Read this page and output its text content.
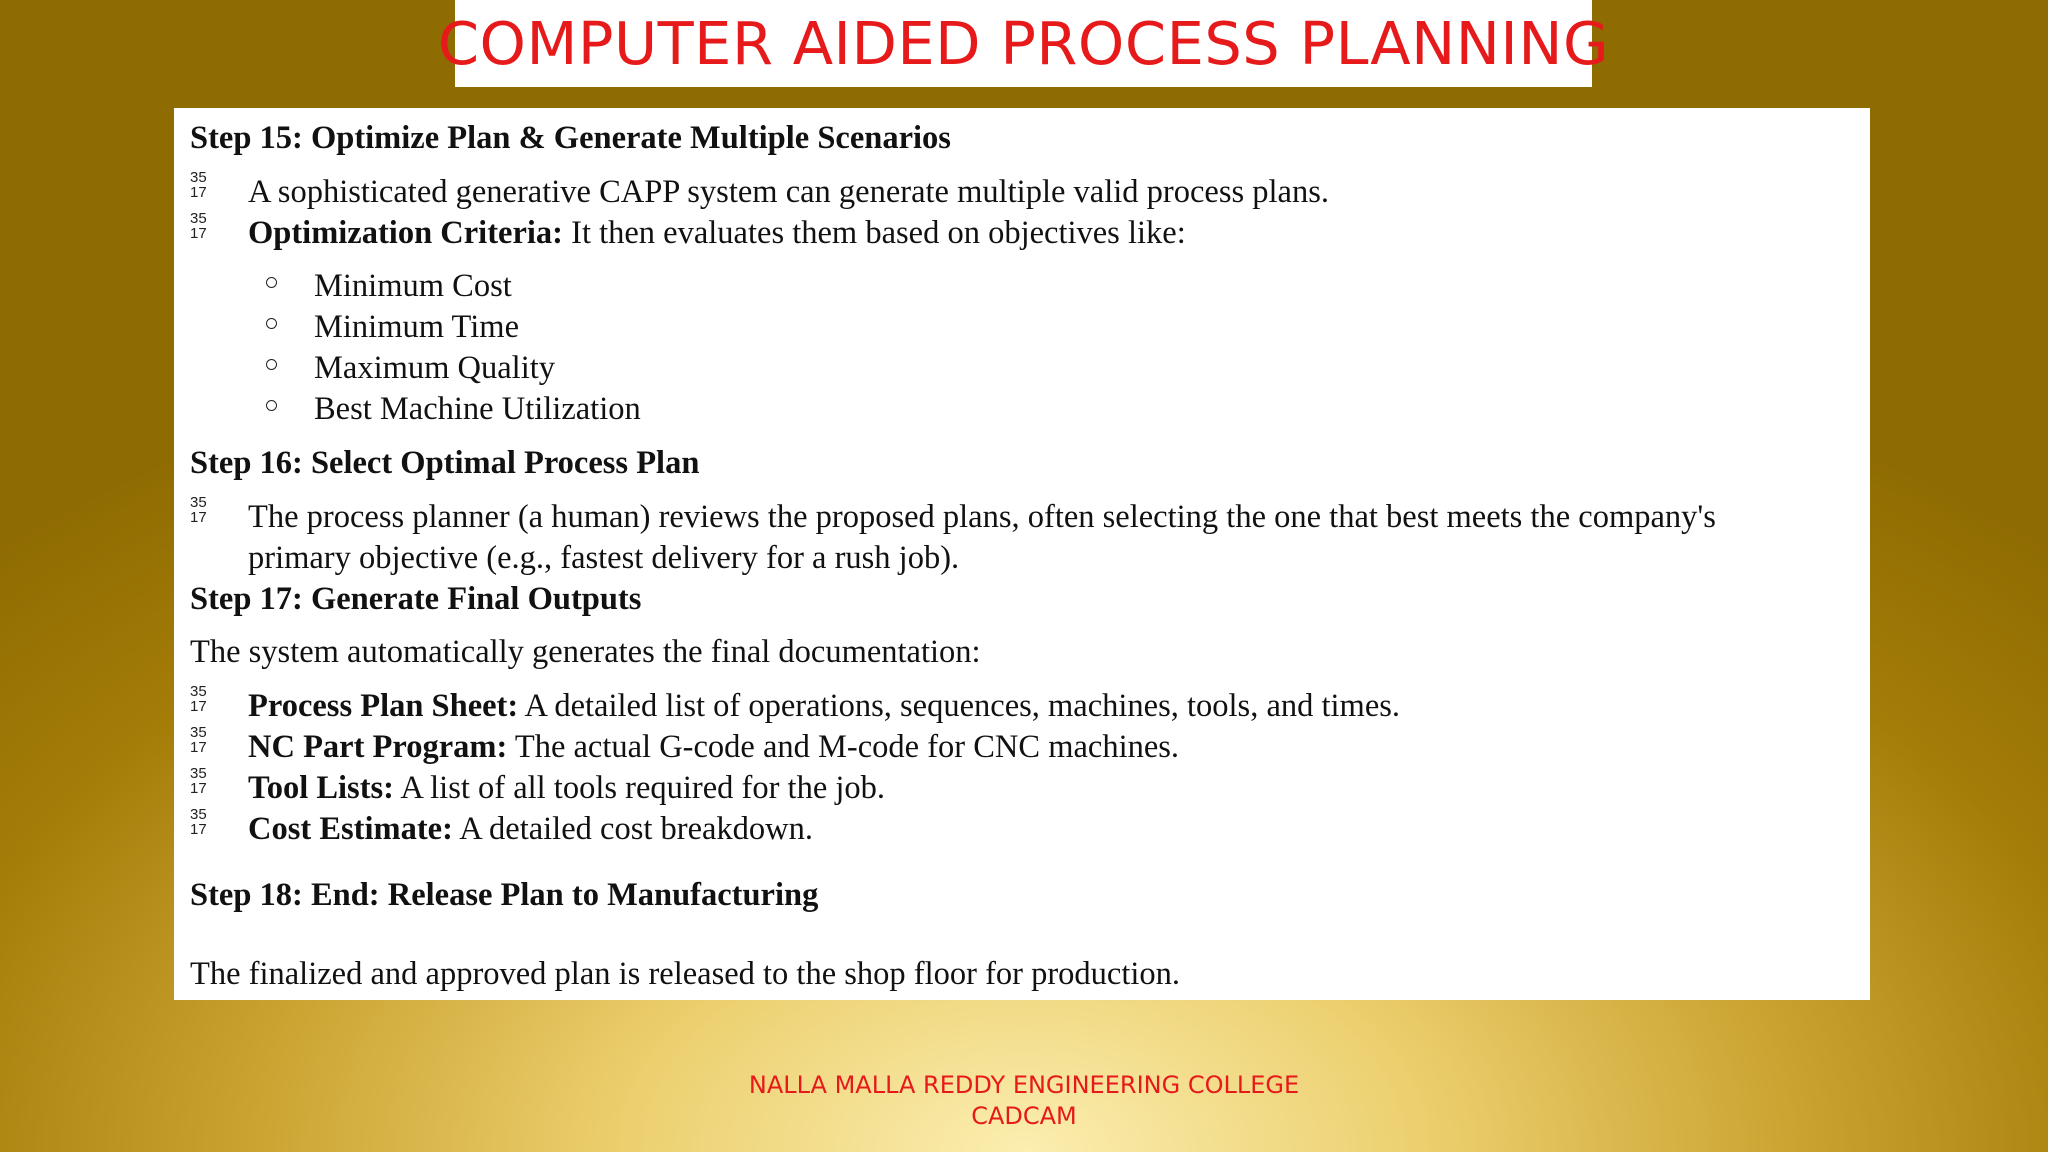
COMPUTER AIDED PROCESS PLANNING
Step 15: Optimize Plan & Generate Multiple Scenarios
35
17 A sophisticated generative CAPP system can generate multiple valid process plans.
35
17 Optimization Criteria: It then evaluates them based on objectives like:
Minimum Cost
Minimum Time
Maximum Quality
Best Machine Utilization
Step 16: Select Optimal Process Plan
35
17 The process planner (a human) reviews the proposed plans, often selecting the one that best meets the company's
primary objective (e.g., fastest delivery for a rush job).
Step 17: Generate Final Outputs
The system automatically generates the final documentation:
35
17 Process Plan Sheet: A detailed list of operations, sequences, machines, tools, and times.
35
17 NC Part Program: The actual G-code and M-code for CNC machines.
35
17 Tool Lists: A list of all tools required for the job.
35
17 Cost Estimate: A detailed cost breakdown.
Step 18: End: Release Plan to Manufacturing
The finalized and approved plan is released to the shop floor for production.
NALLA MALLA REDDY ENGINEERING COLLEGE
CADCAM
